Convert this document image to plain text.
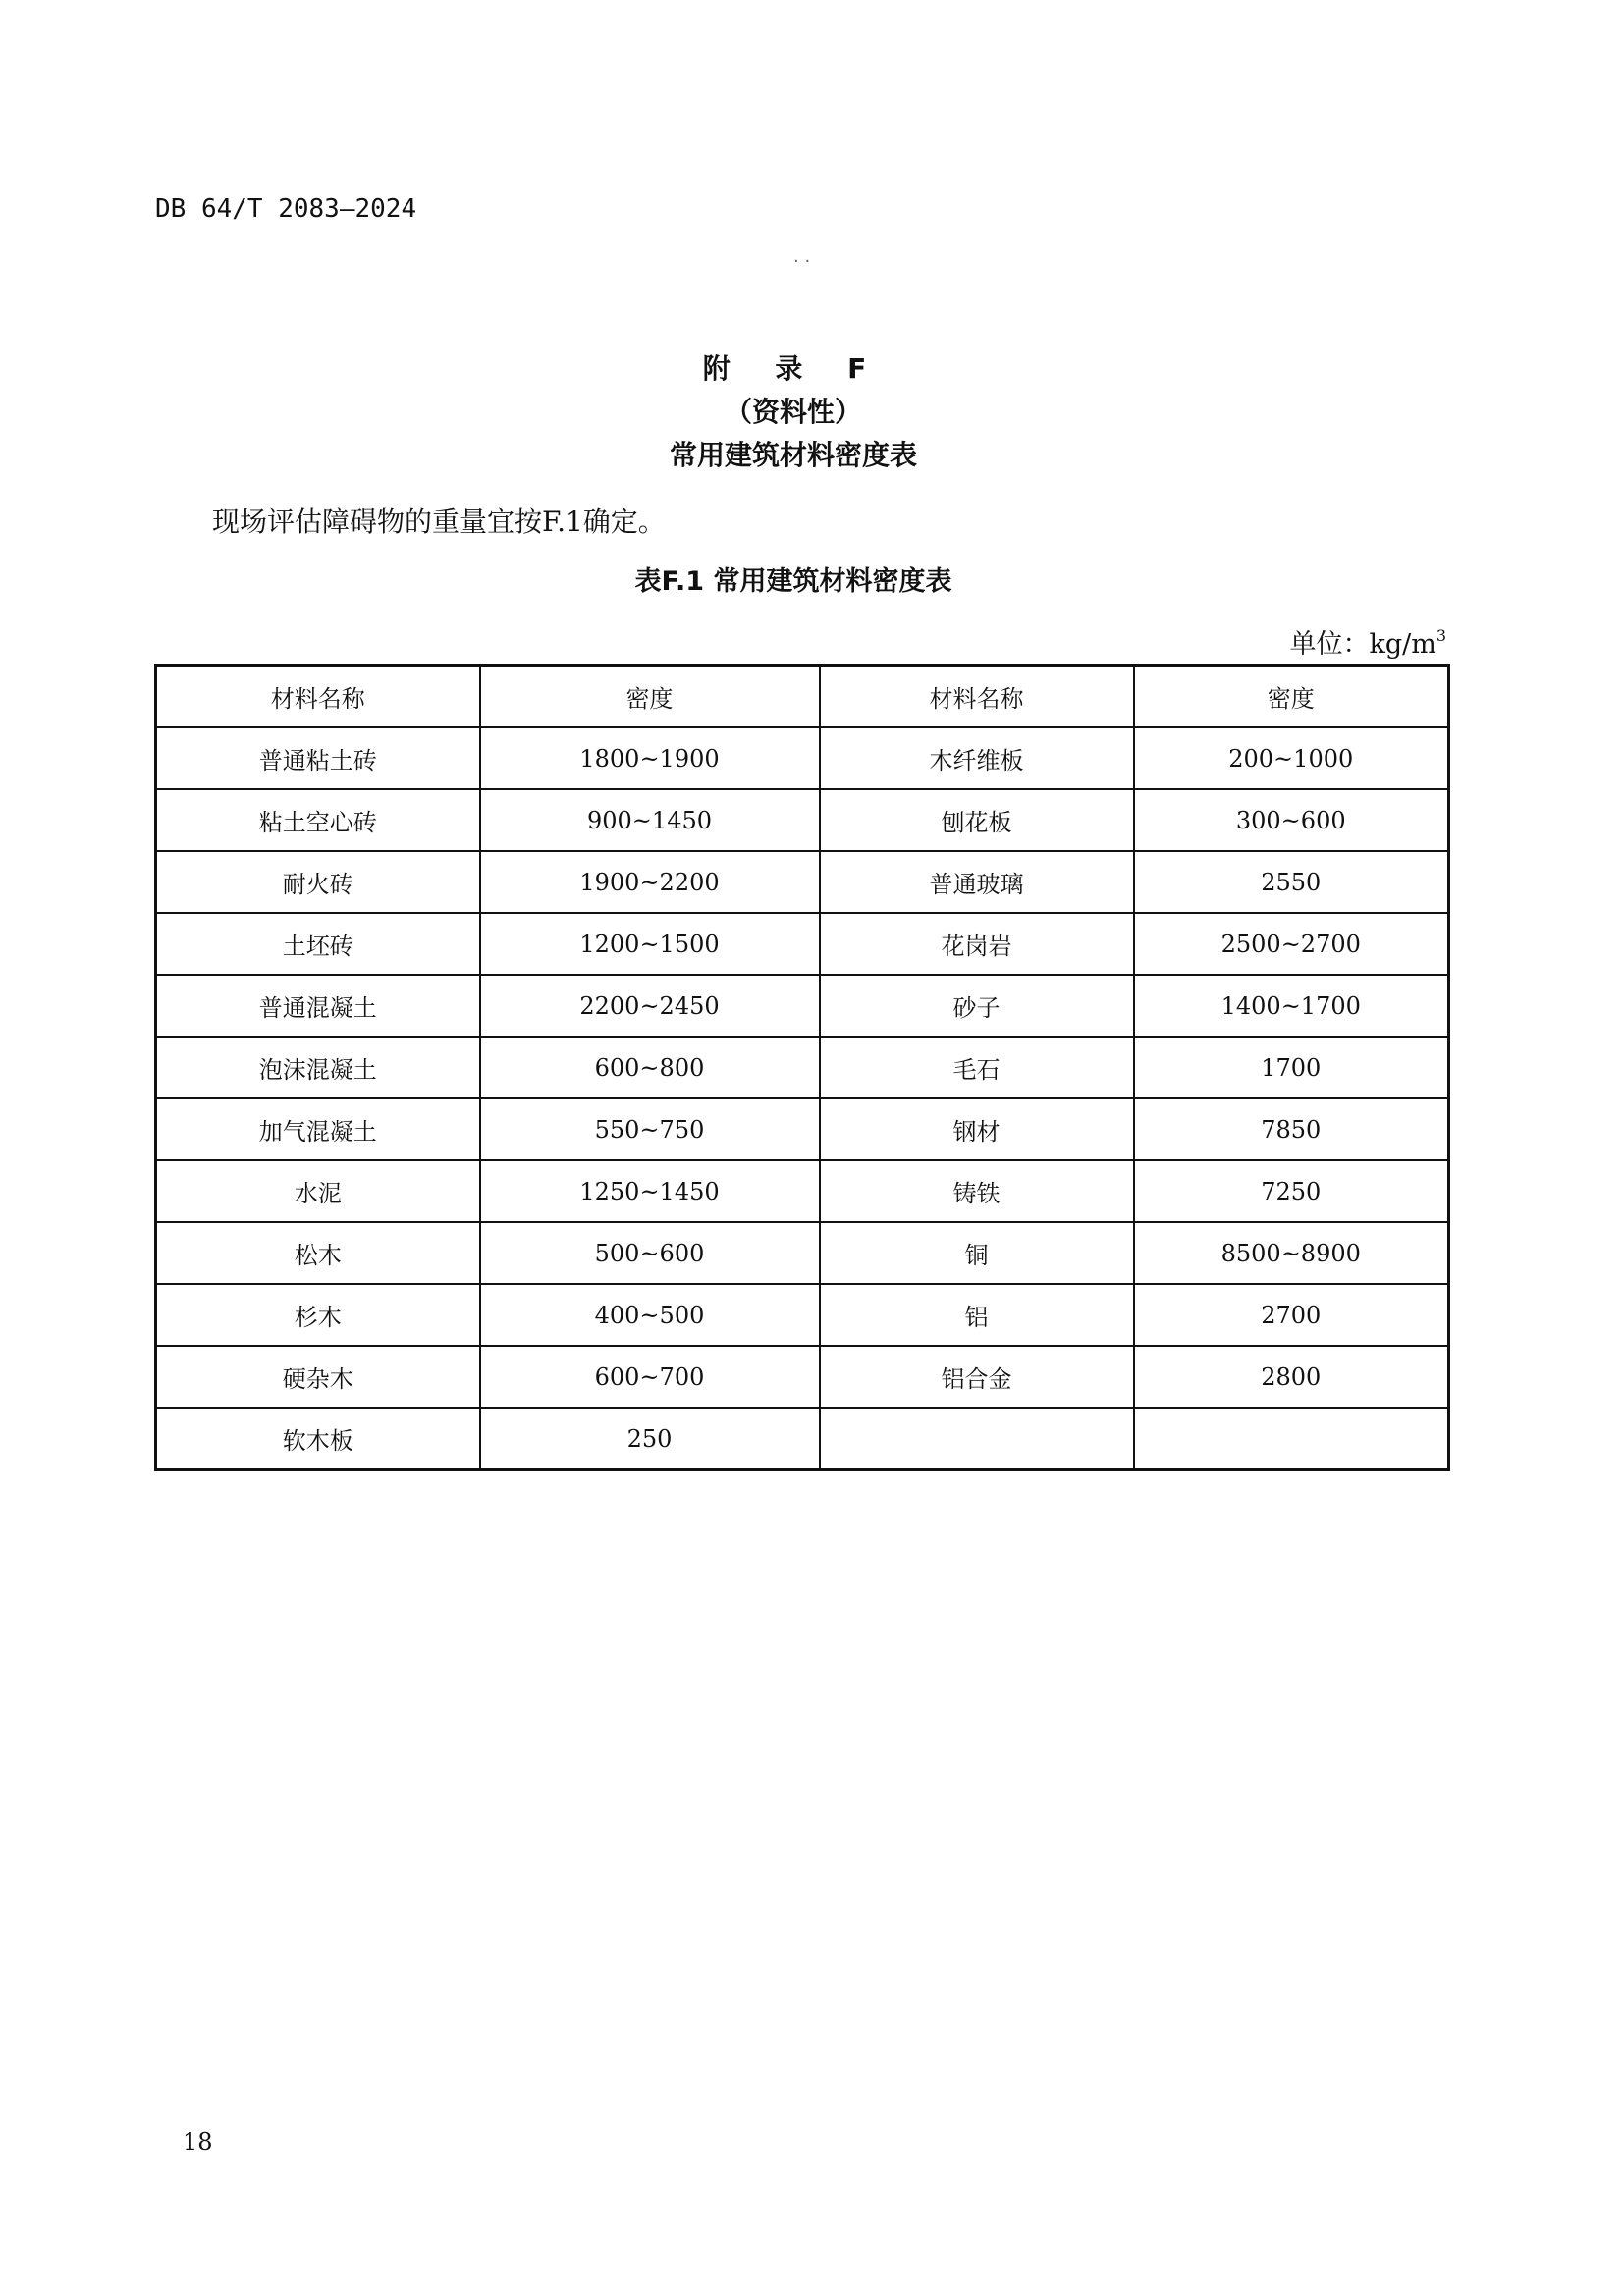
DB 64/T 2083—2024
· ·
附 录 F
（资料性）
常用建筑材料密度表
现场评估障碍物的重量宜按F.1确定。
表F.1 常用建筑材料密度表
单位：$kg/m^3$
材料名称	密度	材料名称	密度
普通粘土砖	1800~1900	木纤维板	200~1000
粘土空心砖	900~1450	刨花板	300~600
耐火砖	1900~2200	普通玻璃	2550
土坯砖	1200~1500	花岗岩	2500~2700
普通混凝土	2200~2450	砂子	1400~1700
泡沫混凝土	600~800	毛石	1700
加气混凝土	550~750	钢材	7850
水泥	1250~1450	铸铁	7250
松木	500~600	铜	8500~8900
杉木	400~500	铝	2700
硬杂木	600~700	铝合金	2800
软木板	250		
18
